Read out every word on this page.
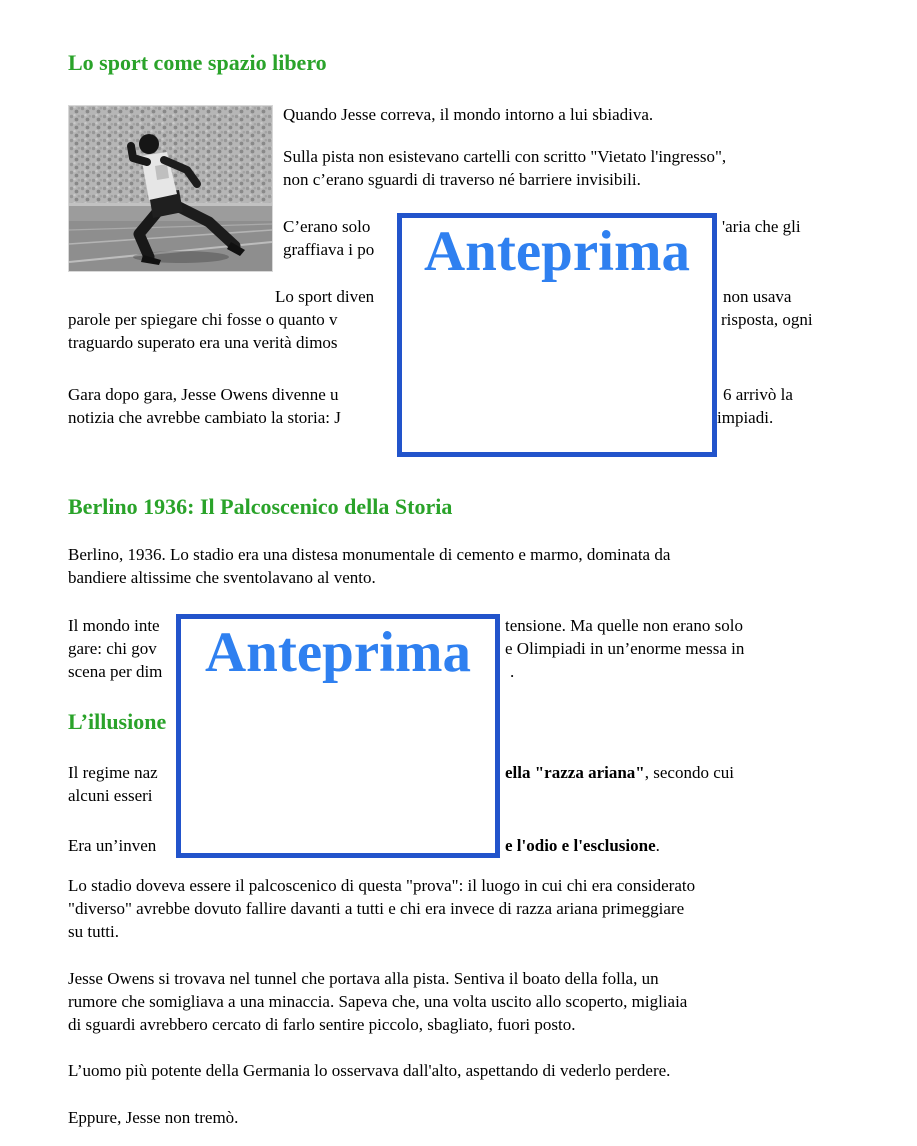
Lo sport come spazio libero
Quando Jesse correva, il mondo intorno a lui sbiadiva.
Sulla pista non esistevano cartelli con scritto "Vietato l'ingresso",
non c’erano sguardi di traverso né barriere invisibili.
C’erano solo	'aria che gli
graffiava i po
Lo sport diven	non usava
parole per spiegare chi fosse o quanto v	risposta, ogni
traguardo superato era una verità dimos
Gara dopo gara, Jesse Owens divenne u	6 arrivò la
notizia che avrebbe cambiato la storia: J	impiadi.
Berlino 1936: Il Palcoscenico della Storia
Berlino, 1936. Lo stadio era una distesa monumentale di cemento e marmo, dominata da
bandiere altissime che sventolavano al vento.
Il mondo inte	tensione. Ma quelle non erano solo
gare: chi gov	e Olimpiadi in un’enorme messa in
scena per dim	.
L’illusione
Il regime naz	ella "razza ariana", secondo cui
alcuni esseri
Era un’inven	e l'odio e l'esclusione.
Lo stadio doveva essere il palcoscenico di questa "prova": il luogo in cui chi era considerato
"diverso" avrebbe dovuto fallire davanti a tutti e chi era invece di razza ariana primeggiare
su tutti.
Jesse Owens si trovava nel tunnel che portava alla pista. Sentiva il boato della folla, un
rumore che somigliava a una minaccia. Sapeva che, una volta uscito allo scoperto, migliaia
di sguardi avrebbero cercato di farlo sentire piccolo, sbagliato, fuori posto.
L’uomo più potente della Germania lo osservava dall'alto, aspettando di vederlo perdere.
Eppure, Jesse non tremò.
Anteprima
Anteprima
